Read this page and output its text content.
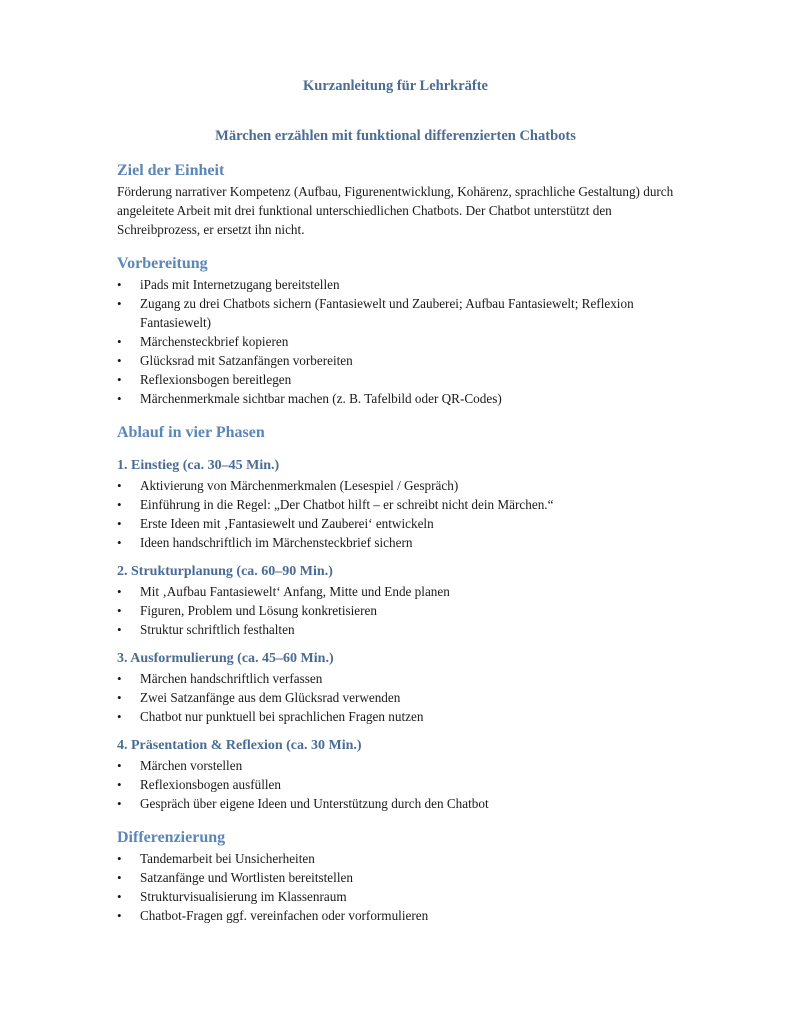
Kurzanleitung für Lehrkräfte
Märchen erzählen mit funktional differenzierten Chatbots
Ziel der Einheit

Förderung narrativer Kompetenz (Aufbau, Figurenentwicklung, Kohärenz, sprachliche Gestaltung) durch angeleitete Arbeit mit drei funktional unterschiedlichen Chatbots. Der Chatbot unterstützt den Schreibprozess, er ersetzt ihn nicht.

Vorbereitung
• iPads mit Internetzugang bereitstellen
• Zugang zu drei Chatbots sichern (Fantasiewelt und Zauberei; Aufbau Fantasiewelt; Reflexion Fantasiewelt)
• Märchensteckbrief kopieren
• Glücksrad mit Satzanfängen vorbereiten
• Reflexionsbogen bereitlegen
• Märchenmerkmale sichtbar machen (z. B. Tafelbild oder QR-Codes)
Ablauf in vier Phasen
1. Einstieg (ca. 30–45 Min.)
• Aktivierung von Märchenmerkmalen (Lesespiel / Gespräch)
• Einführung in die Regel: „Der Chatbot hilft – er schreibt nicht dein Märchen.“
• Erste Ideen mit ‚Fantasiewelt und Zauberei‘ entwickeln
• Ideen handschriftlich im Märchensteckbrief sichern
2. Strukturplanung (ca. 60–90 Min.)
• Mit ‚Aufbau Fantasiewelt‘ Anfang, Mitte und Ende planen
• Figuren, Problem und Lösung konkretisieren
• Struktur schriftlich festhalten
3. Ausformulierung (ca. 45–60 Min.)
• Märchen handschriftlich verfassen
• Zwei Satzanfänge aus dem Glücksrad verwenden
• Chatbot nur punktuell bei sprachlichen Fragen nutzen
4. Präsentation & Reflexion (ca. 30 Min.)
• Märchen vorstellen
• Reflexionsbogen ausfüllen
• Gespräch über eigene Ideen und Unterstützung durch den Chatbot
Differenzierung
• Tandemarbeit bei Unsicherheiten
• Satzanfänge und Wortlisten bereitstellen
• Strukturvisualisierung im Klassenraum
• Chatbot-Fragen ggf. vereinfachen oder vorformulieren
